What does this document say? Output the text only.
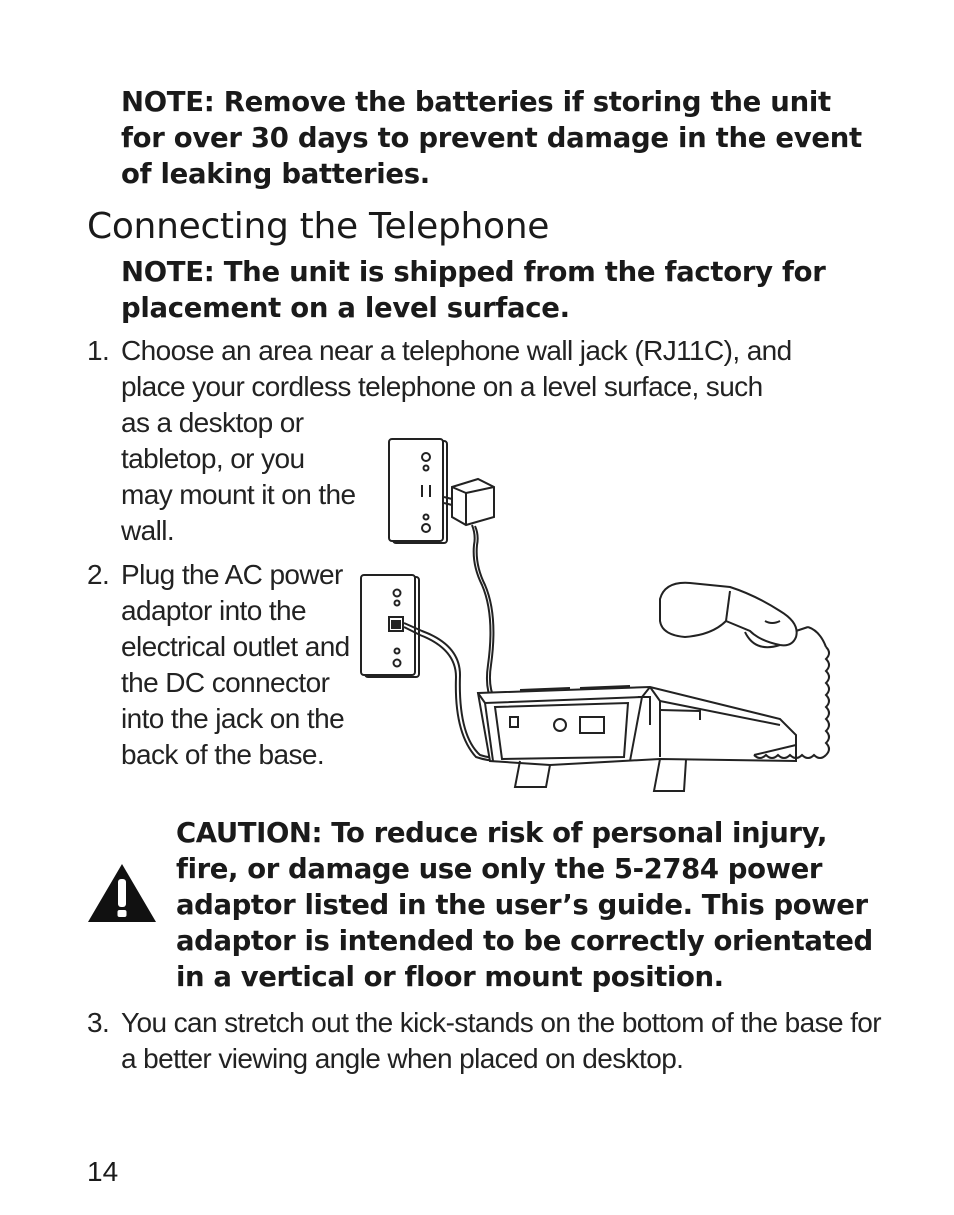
NOTE: Remove the batteries if storing the unit for over 30 days to prevent damage in the event of leaking batteries.
Connecting the Telephone
NOTE: The unit is shipped from the factory for placement on a level surface.
1. Choose an area near a telephone wall jack (RJ11C), and place your cordless telephone on a level surface, such
as a desktop or tabletop, or you may mount it on the wall.
2. Plug the AC power adaptor into the electrical outlet and the DC connector into the jack on the back of the base.
CAUTION: To reduce risk of personal injury, fire, or damage use only the 5-2784 power adaptor listed in the user’s guide. This power adaptor is intended to be correctly orientated in a vertical or floor mount position.
3. You can stretch out the kick-stands on the bottom of the base for a better viewing angle when placed on desktop.
14
